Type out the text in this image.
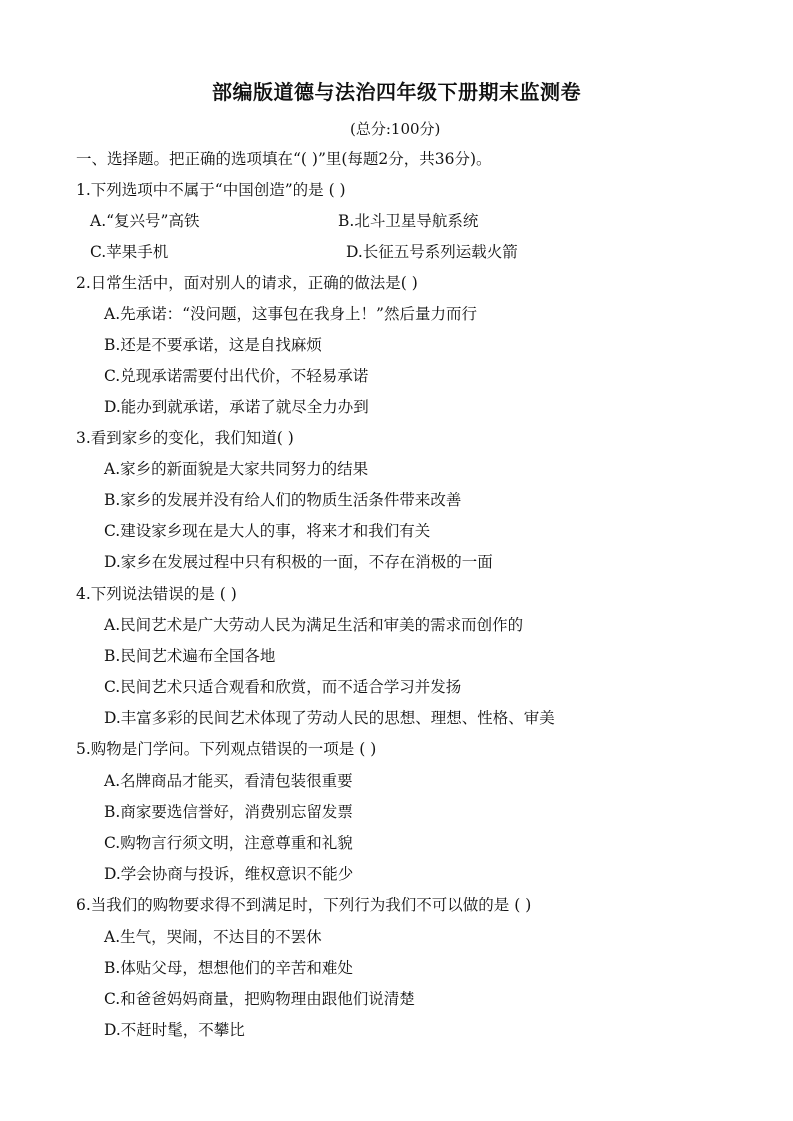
部编版道德与法治四年级下册期末监测卷
(总分:100分)
一、选择题。把正确的选项填在“( )”里(每题2分，共36分)。
1.下列选项中不属于“中国创造”的是 ( )
A.“复兴号”高铁	B.北斗卫星导航系统
C.苹果手机	D.长征五号系列运载火箭
2.日常生活中，面对别人的请求，正确的做法是( )
A.先承诺：“没问题，这事包在我身上！”然后量力而行
B.还是不要承诺，这是自找麻烦
C.兑现承诺需要付出代价，不轻易承诺
D.能办到就承诺，承诺了就尽全力办到
3.看到家乡的变化，我们知道( )
A.家乡的新面貌是大家共同努力的结果
B.家乡的发展并没有给人们的物质生活条件带来改善
C.建设家乡现在是大人的事，将来才和我们有关
D.家乡在发展过程中只有积极的一面，不存在消极的一面
4.下列说法错误的是 ( )
A.民间艺术是广大劳动人民为满足生活和审美的需求而创作的
B.民间艺术遍布全国各地
C.民间艺术只适合观看和欣赏，而不适合学习并发扬
D.丰富多彩的民间艺术体现了劳动人民的思想、理想、性格、审美
5.购物是门学问。下列观点错误的一项是 ( )
A.名牌商品才能买，看清包装很重要
B.商家要选信誉好，消费别忘留发票
C.购物言行须文明，注意尊重和礼貌
D.学会协商与投诉，维权意识不能少
6.当我们的购物要求得不到满足时，下列行为我们不可以做的是 ( )
A.生气，哭闹，不达目的不罢休
B.体贴父母，想想他们的辛苦和难处
C.和爸爸妈妈商量，把购物理由跟他们说清楚
D.不赶时髦，不攀比
